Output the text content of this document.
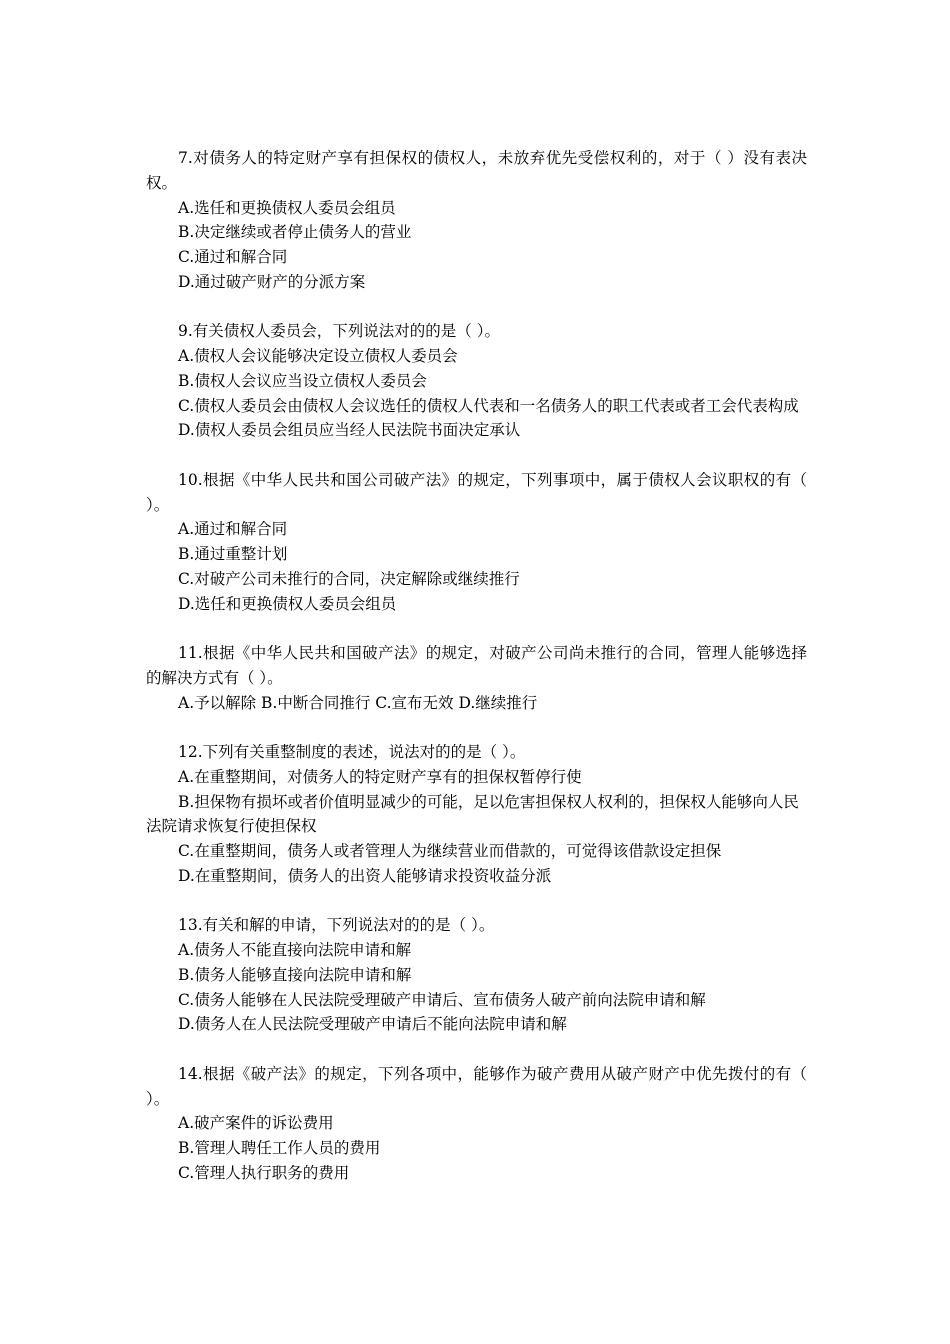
7.对债务人的特定财产享有担保权的债权人，未放弃优先受偿权利的，对于（ ）没有表决权。
A.选任和更换债权人委员会组员
B.决定继续或者停止债务人的营业
C.通过和解合同
D.通过破产财产的分派方案
9.有关债权人委员会，下列说法对的的是（ ）。
A.债权人会议能够决定设立债权人委员会
B.债权人会议应当设立债权人委员会
C.债权人委员会由债权人会议选任的债权人代表和一名债务人的职工代表或者工会代表构成
D.债权人委员会组员应当经人民法院书面决定承认
10.根据《中华人民共和国公司破产法》的规定，下列事项中，属于债权人会议职权的有（ ）。
A.通过和解合同
B.通过重整计划
C.对破产公司未推行的合同，决定解除或继续推行
D.选任和更换债权人委员会组员
11.根据《中华人民共和国破产法》的规定，对破产公司尚未推行的合同，管理人能够选择的解决方式有（ ）。
A.予以解除 B.中断合同推行 C.宣布无效 D.继续推行
12.下列有关重整制度的表述，说法对的的是（ ）。
A.在重整期间，对债务人的特定财产享有的担保权暂停行使
B.担保物有损坏或者价值明显减少的可能，足以危害担保权人权利的，担保权人能够向人民法院请求恢复行使担保权
C.在重整期间，债务人或者管理人为继续营业而借款的，可觉得该借款设定担保
D.在重整期间，债务人的出资人能够请求投资收益分派
13.有关和解的申请，下列说法对的的是（ ）。
A.债务人不能直接向法院申请和解
B.债务人能够直接向法院申请和解
C.债务人能够在人民法院受理破产申请后、宣布债务人破产前向法院申请和解
D.债务人在人民法院受理破产申请后不能向法院申请和解
14.根据《破产法》的规定，下列各项中，能够作为破产费用从破产财产中优先拨付的有（ ）。
A.破产案件的诉讼费用
B.管理人聘任工作人员的费用
C.管理人执行职务的费用
